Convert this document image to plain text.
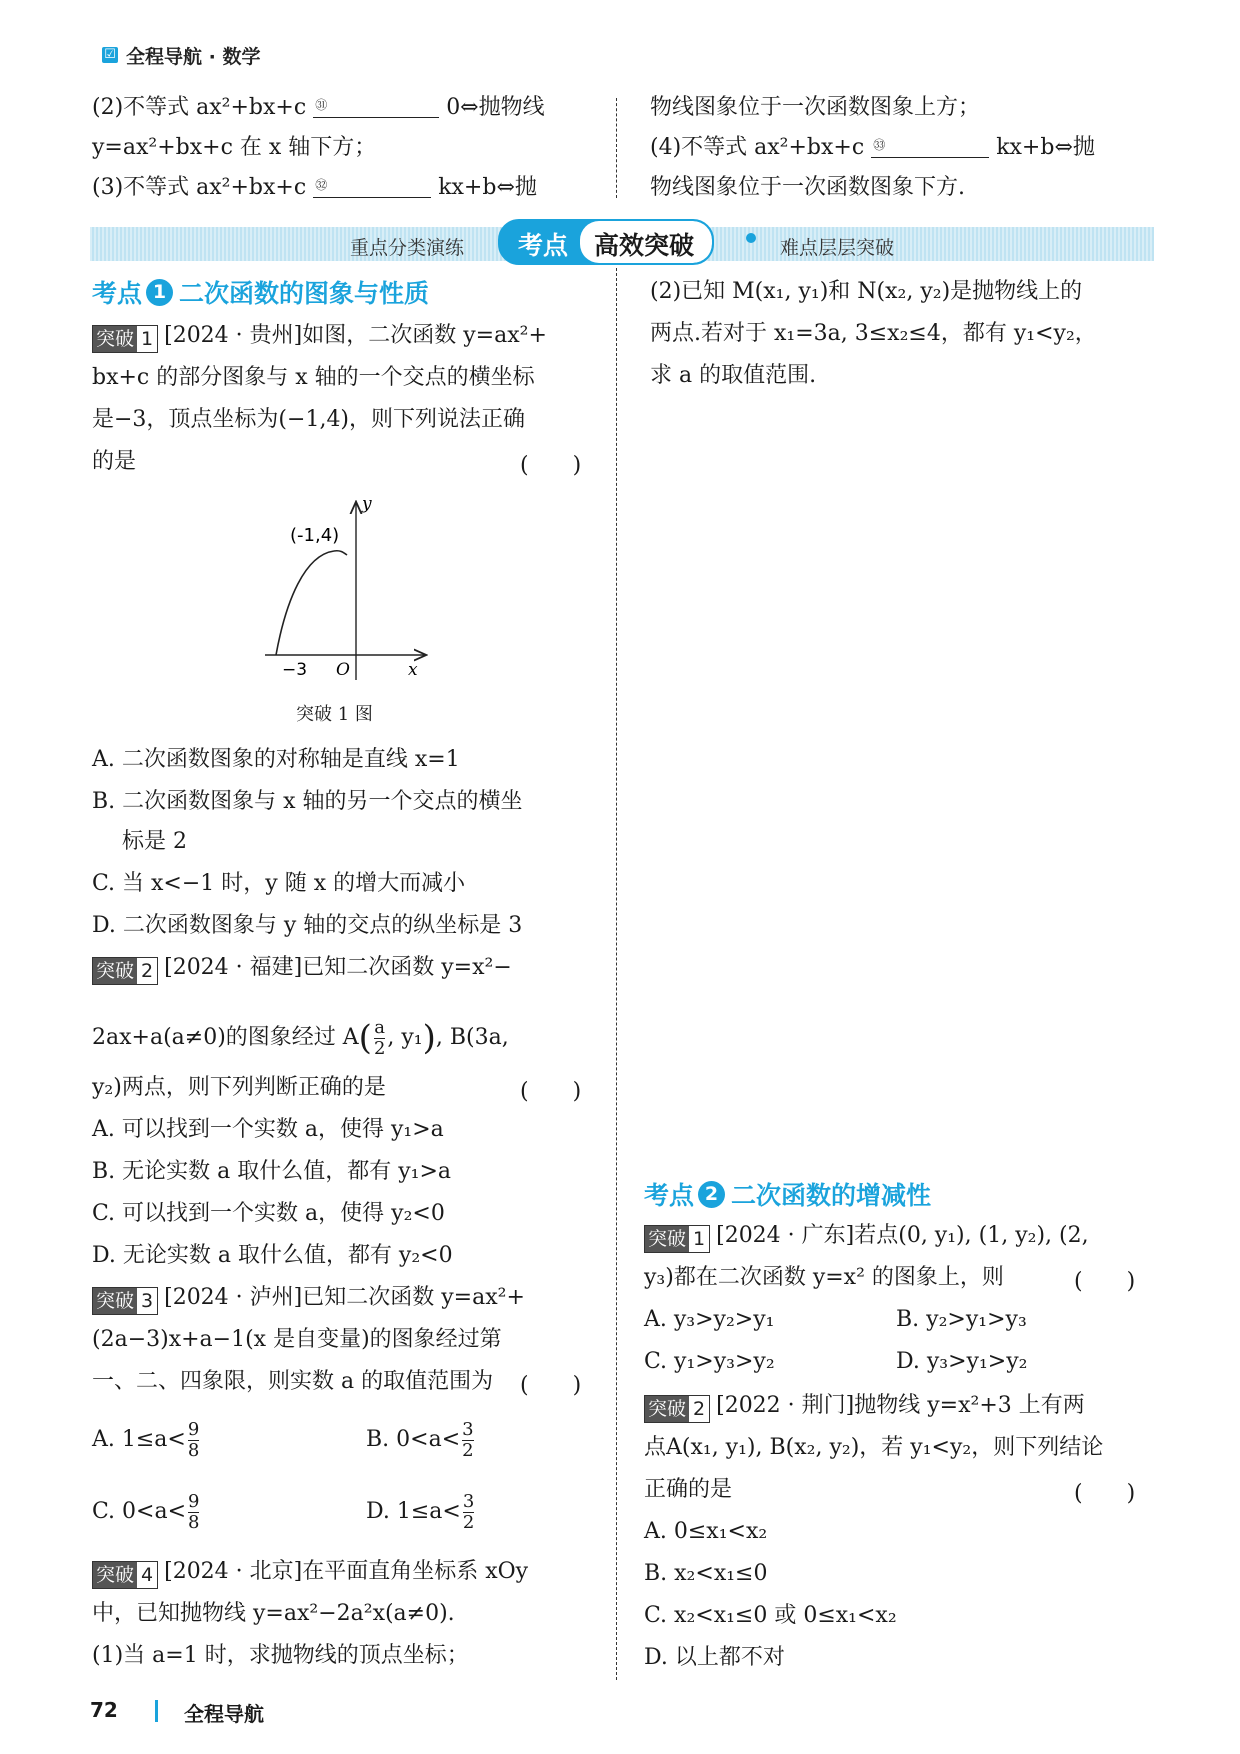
☑ 全程导航 · 数学
(2)不等式 ax²+bx+c ㉛	0⇔抛物线
y=ax²+bx+c 在 x 轴下方；
(3)不等式 ax²+bx+c ㉜	kx+b⇔抛
物线图象位于一次函数图象上方；
(4)不等式 ax²+bx+c ㉝	kx+b⇔抛
物线图象位于一次函数图象下方.
重点分类演练	考点	高效突破	难点层层突破
考点 1 二次函数的图象与性质
突破 1 [2024 · 贵州]如图，二次函数 y=ax²+
bx+c 的部分图象与 x 轴的一个交点的横坐标
是−3，顶点坐标为(−1,4)，则下列说法正确
的是	(　　)
(-1,4)
−3 O	x
y
突破 1 图
A. 二次函数图象的对称轴是直线 x=1
B. 二次函数图象与 x 轴的另一个交点的横坐
标是 2
C. 当 x<−1 时，y 随 x 的增大而减小
D. 二次函数图象与 y 轴的交点的纵坐标是 3
突破 2 [2024 · 福建]已知二次函数 y=x²−
2ax+a(a≠0)的图象经过 A ( $\frac{a}{2}$ , y₁ ) , B(3a,
y₂)两点，则下列判断正确的是	(　　)
A. 可以找到一个实数 a，使得 y₁>a
B. 无论实数 a 取什么值，都有 y₁>a
C. 可以找到一个实数 a，使得 y₂<0
D. 无论实数 a 取什么值，都有 y₂<0
突破 3 [2024 · 泸州]已知二次函数 y=ax²+
(2a−3)x+a−1(x 是自变量)的图象经过第
一、二、四象限，则实数 a 的取值范围为 (　　)
A. $1\le a< \frac{9}{8}$	B. $0<a< \frac{3}{2}$
C. $0<a< \frac{9}{8}$	D. $1\le a< \frac{3}{2}$
突破 4 [2024 · 北京]在平面直角坐标系 xOy
中，已知抛物线 y=ax²−2a²x(a≠0).
(1)当 a=1 时，求抛物线的顶点坐标；
(2)已知 M(x₁, y₁)和 N(x₂, y₂)是抛物线上的
两点.若对于 x₁=3a, 3≤x₂≤4，都有 y₁<y₂，
求 a 的取值范围.
考点 2 二次函数的增减性
突破 1 [2024 · 广东]若点(0, y₁), (1, y₂), (2,
y₃)都在二次函数 y=x² 的图象上，则	(　　)
A. y₃>y₂>y₁	B. y₂>y₁>y₃
C. y₁>y₃>y₂	D. y₃>y₁>y₂
突破 2 [2022 · 荆门]抛物线 y=x²+3 上有两
点A(x₁, y₁), B(x₂, y₂)，若 y₁<y₂，则下列结论
正确的是	(　　)
A. 0≤x₁<x₂
B. x₂<x₁≤0
C. x₂<x₁≤0 或 0≤x₁<x₂
D. 以上都不对
72	全程导航
